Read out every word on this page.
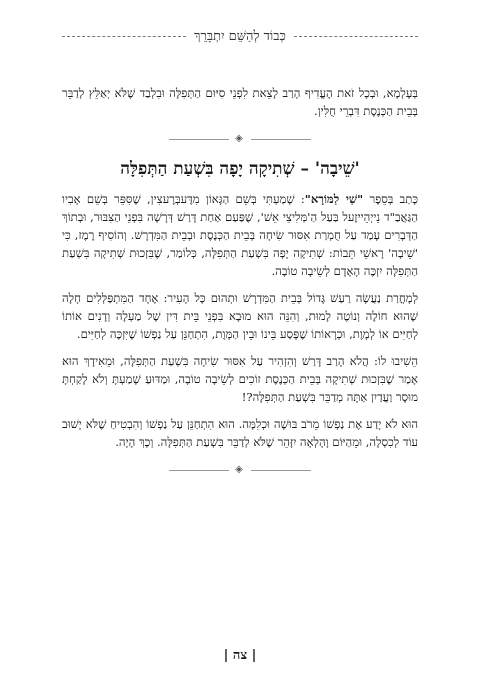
כְּבוֹד לְהַשֵּׁם יִתְבָּרֵךְ

בְּעָלְמָא, וּבְכָל זֹאת הֶעֱדִיף הָרַב לָצֵאת לִפְנֵי סִיּוּם הַתְּפִלָּה וּבִלְבַד שֶׁלֹּא יְאַלֵּץ לְדַבֵּר בְּבֵית הַכְּנֶסֶת דִּבְרֵי חֻלִּין.

◈
'שֵׁיבָה' – שְׁתִיקָה יָפָה בִּשְׁעַת הַתְּפִלָּה

כָּתַב בְּסֵפֶר "שַׁי לַמּוֹרָא": שָׁמַעְתִּי בְּשֵׁם הַגָּאוֹן מִדֶּעבְּרֶעצִין, שֶׁסִּפֵּר בְּשֵׁם אָבִיו הַגַּאֲבַ"ד נֵייְהֵייזֶעל בַּעַל הַ'מְּלִיצֵי אֵשׁ', שֶׁפַּעַם אַחַת דָּרַשׁ דְּרָשָׁה בִּפְנֵי הַצִּבּוּר, וּבְתוֹךְ הַדְּבָרִים עָמַד עַל חֻמְרַת אִסּוּר שִׂיחָה בְּבֵית הַכְּנֶסֶת וּבְבֵית הַמִּדְרָשׁ. וְהוֹסִיף רֶמֶז, כִּי 'שֵׁיבָה' רָאשֵׁי תֵּבוֹת: שְׁתִיקָה יָפָה בִּשְׁעַת הַתְּפִלָּה, כְּלוֹמַר, שֶׁבִּזְכוּת שְׁתִיקָה בִּשְׁעַת הַתְּפִלָּה יִזְכֶּה הָאָדָם לְשֵׂיבָה טוֹבָה.

לְמָחֳרַת נַעֲשָׂה רַעַשׁ גָּדוֹל בְּבֵית הַמִּדְרָשׁ וּתְהוּם כָּל הָעִיר: אֶחָד הַמִּתְפַּלְּלִים חָלָה שֶׁהוּא חוֹלֶה וְנוֹטֶה לָמוּת, וְהִנֵּה הוּא מוּבָא בִּפְנֵי בֵּית דִּין שֶׁל מַעְלָה וְדָנִים אוֹתוֹ לְחַיִּים אוֹ לְמָוֶת, וּכְרָאוֹתוֹ שֶׁפָּסַע בֵּינוֹ וּבֵין הַמָּוֶת, הִתְחַנֵּן עַל נַפְשׁוֹ שֶׁיִּזְכֶּה לְחַיִּים.

הֵשִׁיבוּ לוֹ: הֲלֹא הָרַב דָּרַשׁ וְהִזְהִיר עַל אִסּוּר שִׂיחָה בִּשְׁעַת הַתְּפִלָּה, וּמֵאִידָךְ הוּא אָמַר שֶׁבִּזְכוּת שְׁתִיקָה בְּבֵית הַכְּנֶסֶת זוֹכִים לְשֵׂיבָה טוֹבָה, וּמַדּוּעַ שָׁמַעְתָּ וְלֹא לָקַחְתָּ מוּסָר וַעֲדַיִן אַתָּה מְדַבֵּר בִּשְׁעַת הַתְּפִלָּה?!

הוּא לֹא יָדַע אֶת נַפְשׁוֹ מֵרֹב בּוּשָׁה וּכְלִמָּה. הוּא הִתְחַנֵּן עַל נַפְשׁוֹ וְהִבְטִיחַ שֶׁלֹּא יָשׁוּב עוֹד לְכִסְלָה, וּמֵהַיּוֹם וָהָלְאָה יִזָּהֵר שֶׁלֹּא לְדַבֵּר בִּשְׁעַת הַתְּפִלָּה. וְכָךְ הָיָה.

◈
| צה |
